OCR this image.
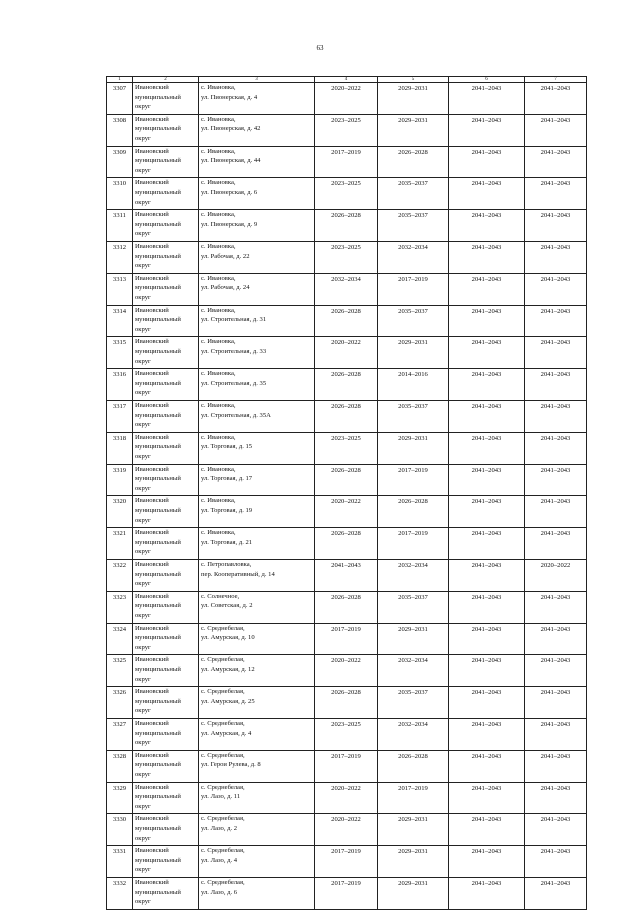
63
1	2	3	4	5	6	7
3307	Ивановский
муниципальный
округ	с. Ивановка,
ул. Пионерская, д. 4	2020–2022	2029–2031	2041–2043	2041–2043
3308	Ивановский
муниципальный
округ	с. Ивановка,
ул. Пионерская, д. 42	2023–2025	2029–2031	2041–2043	2041–2043
3309	Ивановский
муниципальный
округ	с. Ивановка,
ул. Пионерская, д. 44	2017–2019	2026–2028	2041–2043	2041–2043
3310	Ивановский
муниципальный
округ	с. Ивановка,
ул. Пионерская, д. 6	2023–2025	2035–2037	2041–2043	2041–2043
3311	Ивановский
муниципальный
округ	с. Ивановка,
ул. Пионерская, д. 9	2026–2028	2035–2037	2041–2043	2041–2043
3312	Ивановский
муниципальный
округ	с. Ивановка,
ул. Рабочая, д. 22	2023–2025	2032–2034	2041–2043	2041–2043
3313	Ивановский
муниципальный
округ	с. Ивановка,
ул. Рабочая, д. 24	2032–2034	2017–2019	2041–2043	2041–2043
3314	Ивановский
муниципальный
округ	с. Ивановка,
ул. Строительная, д. 31	2026–2028	2035–2037	2041–2043	2041–2043
3315	Ивановский
муниципальный
округ	с. Ивановка,
ул. Строительная, д. 33	2020–2022	2029–2031	2041–2043	2041–2043
3316	Ивановский
муниципальный
округ	с. Ивановка,
ул. Строительная, д. 35	2026–2028	2014–2016	2041–2043	2041–2043
3317	Ивановский
муниципальный
округ	с. Ивановка,
ул. Строительная, д. 35А	2026–2028	2035–2037	2041–2043	2041–2043
3318	Ивановский
муниципальный
округ	с. Ивановка,
ул. Торговая, д. 15	2023–2025	2029–2031	2041–2043	2041–2043
3319	Ивановский
муниципальный
округ	с. Ивановка,
ул. Торговая, д. 17	2026–2028	2017–2019	2041–2043	2041–2043
3320	Ивановский
муниципальный
округ	с. Ивановка,
ул. Торговая, д. 19	2020–2022	2026–2028	2041–2043	2041–2043
3321	Ивановский
муниципальный
округ	с. Ивановка,
ул. Торговая, д. 21	2026–2028	2017–2019	2041–2043	2041–2043
3322	Ивановский
муниципальный
округ	с. Петропавловка,
пер. Кооперативный, д. 14	2041–2043	2032–2034	2041–2043	2020–2022
3323	Ивановский
муниципальный
округ	с. Солнечное,
ул. Советская, д. 2	2026–2028	2035–2037	2041–2043	2041–2043
3324	Ивановский
муниципальный
округ	с. Среднебелая,
ул. Амурская, д. 10	2017–2019	2029–2031	2041–2043	2041–2043
3325	Ивановский
муниципальный
округ	с. Среднебелая,
ул. Амурская, д. 12	2020–2022	2032–2034	2041–2043	2041–2043
3326	Ивановский
муниципальный
округ	с. Среднебелая,
ул. Амурская, д. 25	2026–2028	2035–2037	2041–2043	2041–2043
3327	Ивановский
муниципальный
округ	с. Среднебелая,
ул. Амурская, д. 4	2023–2025	2032–2034	2041–2043	2041–2043
3328	Ивановский
муниципальный
округ	с. Среднебелая,
ул. Герои Рулева, д. 8	2017–2019	2026–2028	2041–2043	2041–2043
3329	Ивановский
муниципальный
округ	с. Среднебелая,
ул. Лазо, д. 11	2020–2022	2017–2019	2041–2043	2041–2043
3330	Ивановский
муниципальный
округ	с. Среднебелая,
ул. Лазо, д. 2	2020–2022	2029–2031	2041–2043	2041–2043
3331	Ивановский
муниципальный
округ	с. Среднебелая,
ул. Лазо, д. 4	2017–2019	2029–2031	2041–2043	2041–2043
3332	Ивановский
муниципальный
округ	с. Среднебелая,
ул. Лазо, д. 6	2017–2019	2029–2031	2041–2043	2041–2043
